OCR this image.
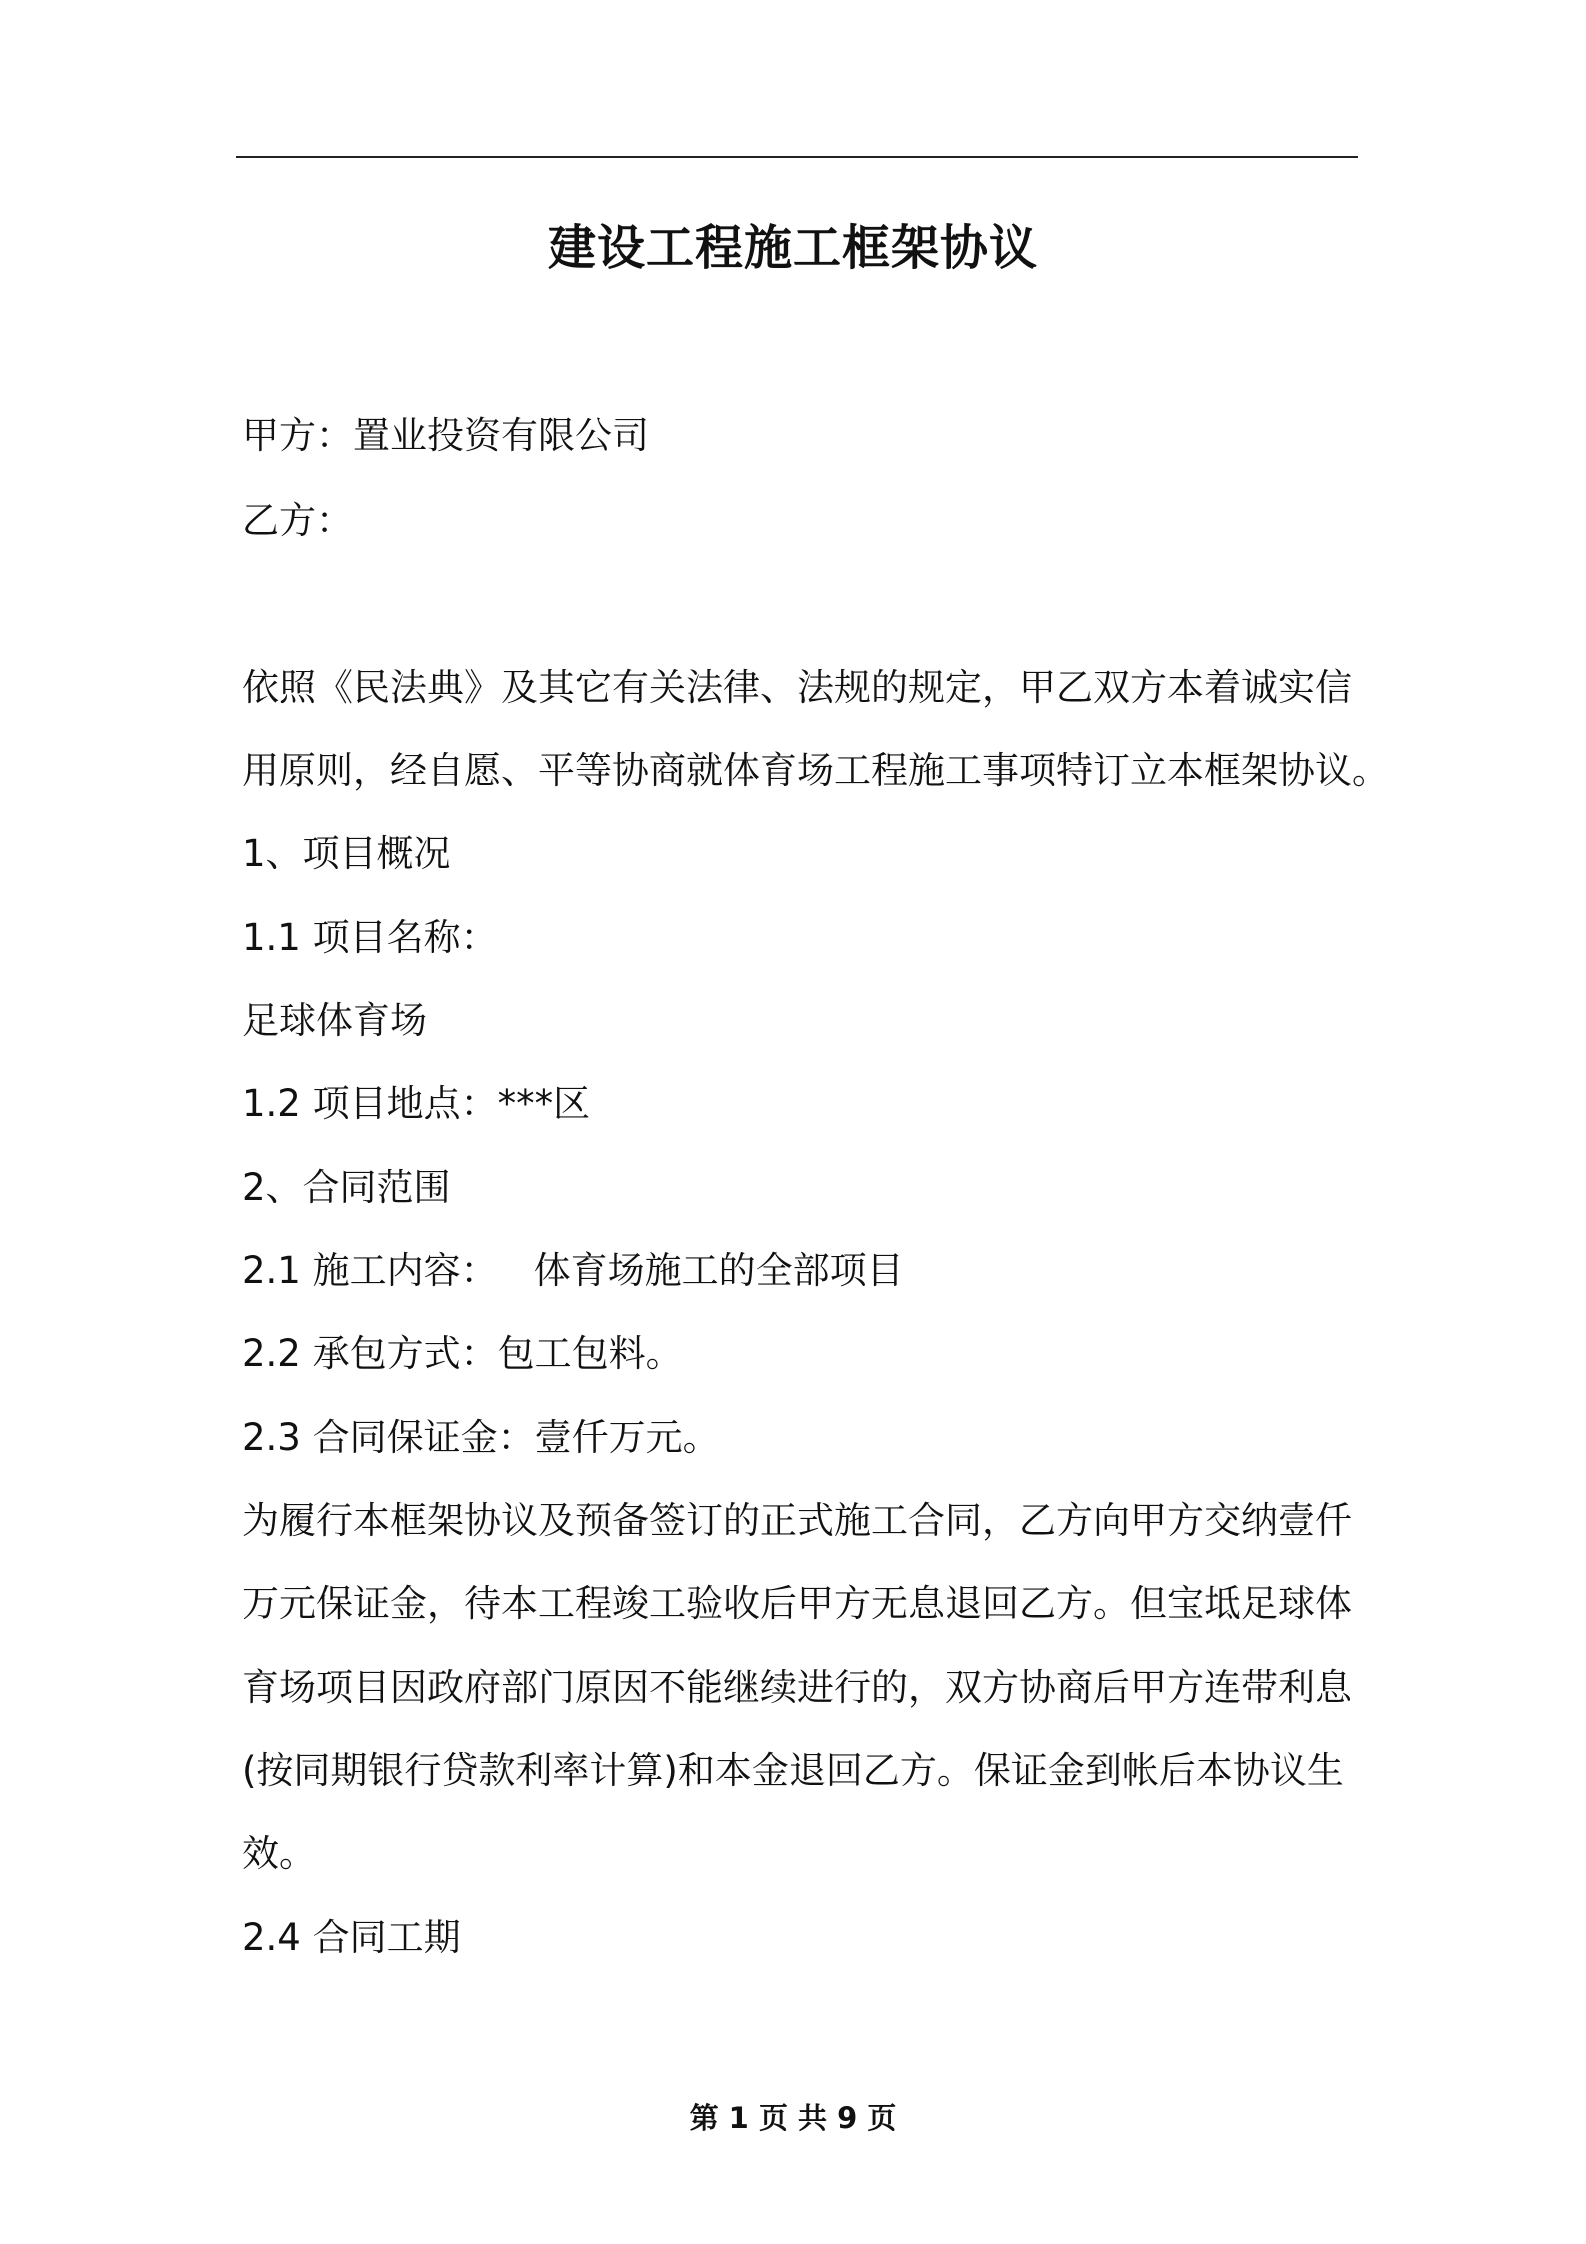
建设工程施工框架协议
甲方：置业投资有限公司
乙方：
依照《民法典》及其它有关法律、法规的规定，甲乙双方本着诚实信
用原则，经自愿、平等协商就体育场工程施工事项特订立本框架协议。
1、项目概况
1.1 项目名称：
足球体育场
1.2 项目地点：***区
2、合同范围
2.1 施工内容： 体育场施工的全部项目
2.2 承包方式：包工包料。
2.3 合同保证金：壹仟万元。
为履行本框架协议及预备签订的正式施工合同，乙方向甲方交纳壹仟
万元保证金，待本工程竣工验收后甲方无息退回乙方。但宝坻足球体
育场项目因政府部门原因不能继续进行的，双方协商后甲方连带利息
(按同期银行贷款利率计算)和本金退回乙方。保证金到帐后本协议生
效。
2.4 合同工期
第 1 页 共 9 页
